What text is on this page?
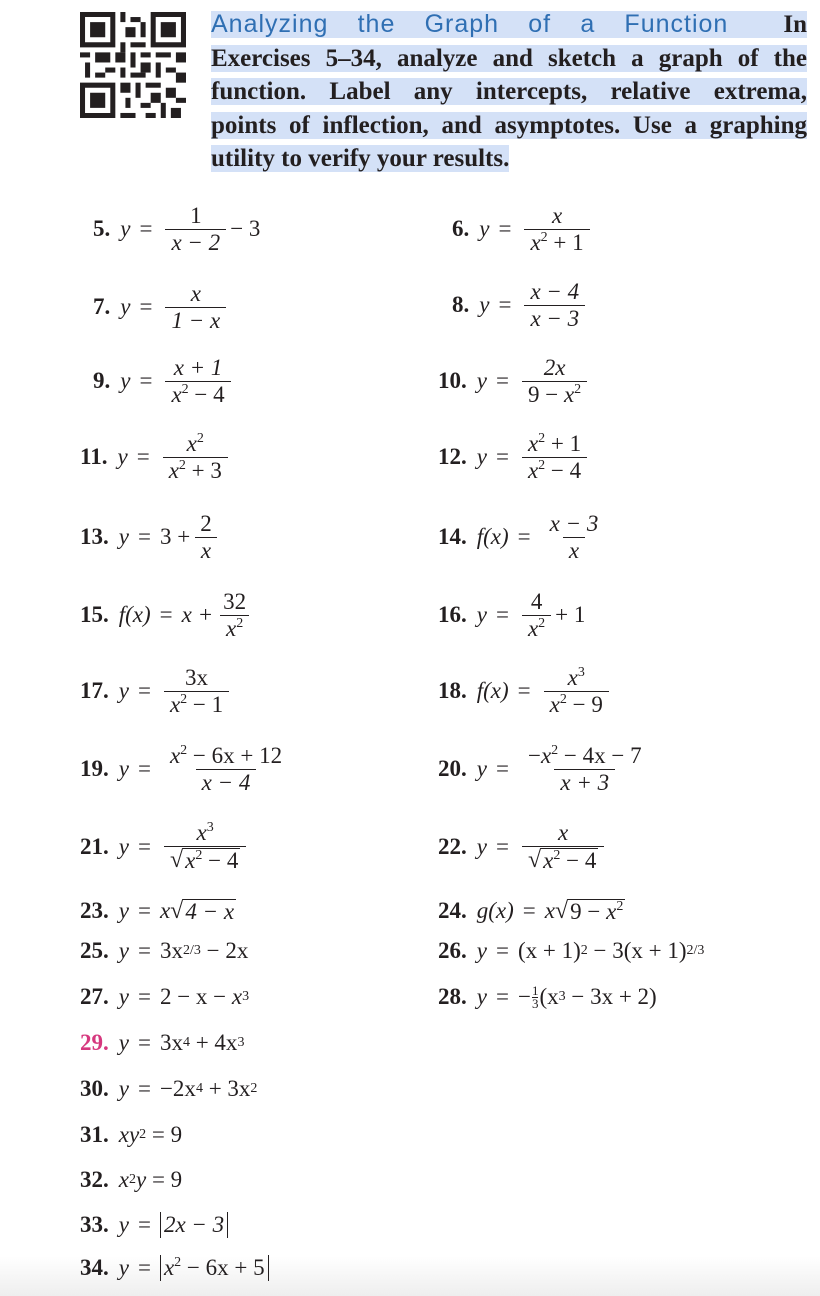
Analyzing the Graph of a Function In
Exercises 5–34, analyze and sketch a graph of the
function. Label any intercepts, relative extrema,
points of inflection, and asymptotes. Use a graphing
utility to verify your results.
5. $y = \frac{1}{x - 2} - 3$
7. $y = \frac{x}{1 - x}$
9. $y = \frac{x + 1}{x^2 - 4}$
11. $y = \frac{x^2}{x^2 + 3}$
13. $y = 3 + \frac{2}{x}$
15. $f(x) = x + \frac{32}{x^2}$
17. $y = \frac{3x}{x^2 - 1}$
19. $y = \frac{x^2 - 6x + 12}{x - 4}$
21. $y = \frac{x^3}{√ x^2 - 4}$
23. y = x √ 4 − x
25. y = 3x 2/3
− 2x
27. y = 2 − x −
x 3
29. y = 3x 4
+ 4x 3
30. y = −2x 4
+ 3x 2
31. xy 2
= 9
32. x 2 y
= 9
33. y = 2x − 3
34. $y = x^2 - 6x + 5$
6. $y = \frac{x}{x^2 + 1}$
8. $y = \frac{x - 4}{x - 3}$
10. $y = \frac{2x}{9 - x^2}$
12. $y = \frac{x^2 + 1}{x^2 - 4}$
14. $f(x) = \frac{x - 3}{x}$
16. $y = \frac{4}{x^2} + 1$
18. $f(x) = \frac{x^3}{x^2 - 9}$
20. $y = \frac{-x^2 - 4x - 7}{x + 3}$
22. $y = \frac{x}{√ x^2 - 4}$
24. g(x) = x √ $9 - x^2$
26. y = (x + 1) 2
− 3(x + 1) 2/3
28. y = − $\frac{1}{3} (x$ 3
− 3x + 2)
